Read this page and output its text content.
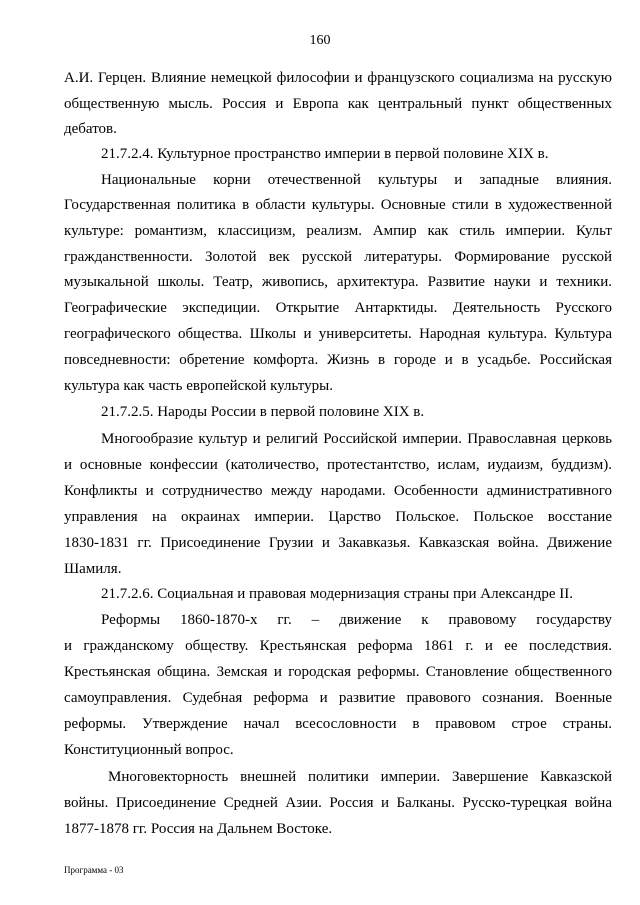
160
А.И. Герцен. Влияние немецкой философии и французского социализма на русскую
общественную мысль. Россия и Европа как центральный пункт общественных
дебатов.
21.7.2.4. Культурное пространство империи в первой половине XIX в.
Национальные корни отечественной культуры и западные влияния.
Государственная политика в области культуры. Основные стили в художественной
культуре: романтизм, классицизм, реализм. Ампир как стиль империи. Культ
гражданственности. Золотой век русской литературы. Формирование русской
музыкальной школы. Театр, живопись, архитектура. Развитие науки и техники.
Географические экспедиции. Открытие Антарктиды. Деятельность Русского
географического общества. Школы и университеты. Народная культура. Культура
повседневности: обретение комфорта. Жизнь в городе и в усадьбе. Российская
культура как часть европейской культуры.
21.7.2.5. Народы России в первой половине XIX в.
Многообразие культур и религий Российской империи. Православная церковь
и основные конфессии (католичество, протестантство, ислам, иудаизм, буддизм).
Конфликты и сотрудничество между народами. Особенности административного
управления на окраинах империи. Царство Польское. Польское восстание
1830-1831 гг. Присоединение Грузии и Закавказья. Кавказская война. Движение
Шамиля.
21.7.2.6. Социальная и правовая модернизация страны при Александре II.
Реформы 1860-1870-х гг. – движение к правовому государству
и гражданскому обществу. Крестьянская реформа 1861 г. и ее последствия.
Крестьянская община. Земская и городская реформы. Становление общественного
самоуправления. Судебная реформа и развитие правового сознания. Военные
реформы. Утверждение начал всесословности в правовом строе страны.
Конституционный вопрос.
Многовекторность внешней политики империи. Завершение Кавказской
войны. Присоединение Средней Азии. Россия и Балканы. Русско-турецкая война
1877-1878 гг. Россия на Дальнем Востоке.
Программа - 03
